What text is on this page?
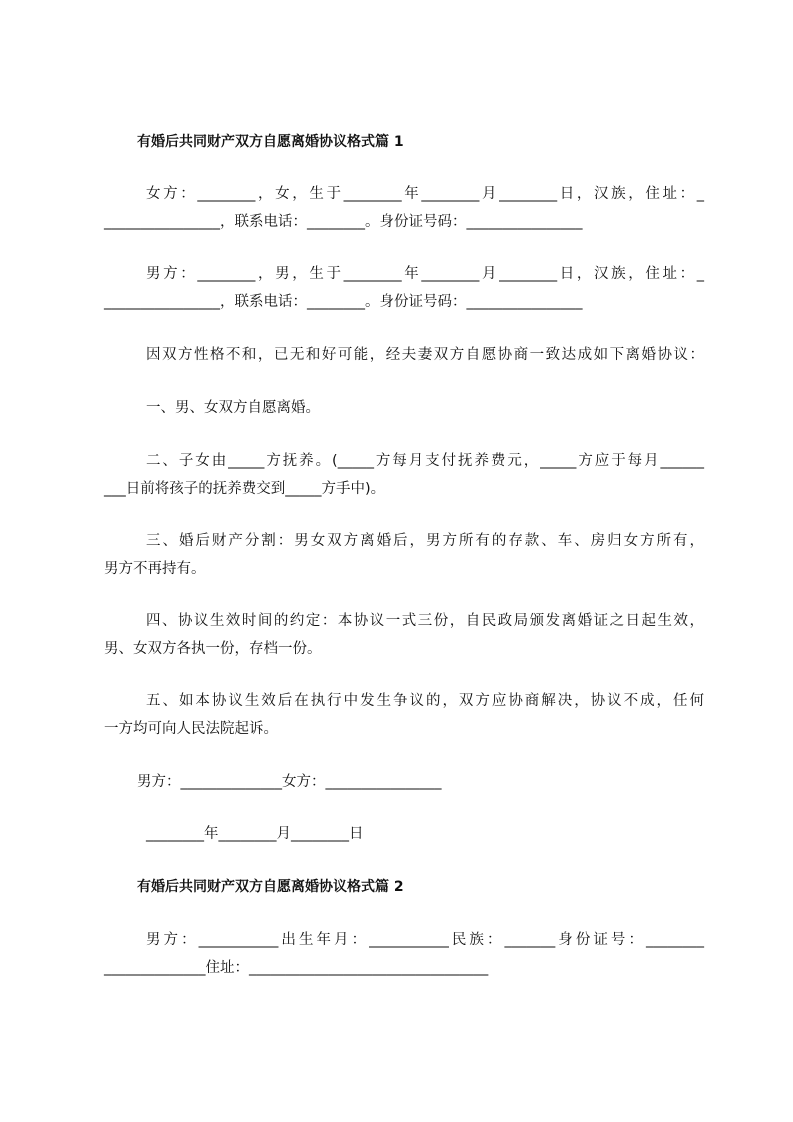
有婚后共同财产双方自愿离婚协议格式篇 1
女方：________，女，生于________年________月________日，汉族，住址：_
________________，联系电话：________。身份证号码：________________
男方：________，男，生于________年________月________日，汉族，住址：_
________________，联系电话：________。身份证号码：________________
因双方性格不和，已无和好可能，经夫妻双方自愿协商一致达成如下离婚协议：
一、男、女双方自愿离婚。
二、子女由_____方抚养。(_____方每月支付抚养费元，_____方应于每月______
___日前将孩子的抚养费交到_____方手中)。
三、婚后财产分割：男女双方离婚后，男方所有的存款、车、房归女方所有，
男方不再持有。
四、协议生效时间的约定：本协议一式三份，自民政局颁发离婚证之日起生效，
男、女双方各执一份，存档一份。
五、如本协议生效后在执行中发生争议的，双方应协商解决，协议不成，任何
一方均可向人民法院起诉。
男方：______________女方：________________
________年________月________日
有婚后共同财产双方自愿离婚协议格式篇 2
男方：___________出生年月：___________民族：_______身份证号：________
______________住址：_________________________________
